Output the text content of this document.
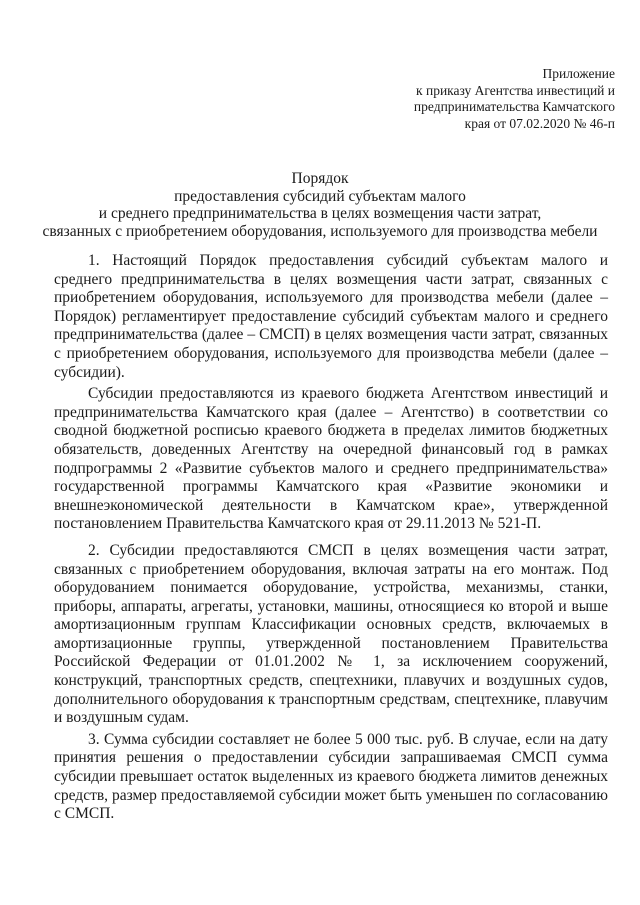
Приложение
к приказу Агентства инвестиций и
предпринимательства Камчатского
края от 07.02.2020 № 46-п
Порядок
предоставления субсидий субъектам малого
и среднего предпринимательства в целях возмещения части затрат,
связанных с приобретением оборудования, используемого для производства мебели

1. Настоящий Порядок предоставления субсидий субъектам малого и среднего предпринимательства в целях возмещения части затрат, связанных с приобретением оборудования, используемого для производства мебели (далее – Порядок) регламентирует предоставление субсидий субъектам малого и среднего предпринимательства (далее – СМСП) в целях возмещения части затрат, связанных с приобретением оборудования, используемого для производства мебели (далее – субсидии).

Субсидии предоставляются из краевого бюджета Агентством инвестиций и предпринимательства Камчатского края (далее – Агентство) в соответствии со сводной бюджетной росписью краевого бюджета в пределах лимитов бюджетных обязательств, доведенных Агентству на очередной финансовый год в рамках подпрограммы 2 «Развитие субъектов малого и среднего предпринимательства» государственной программы Камчатского края «Развитие экономики и внешнеэкономической деятельности в Камчатском крае», утвержденной постановлением Правительства Камчатского края от 29.11.2013 № 521-П.

2. Субсидии предоставляются СМСП в целях возмещения части затрат, связанных с приобретением оборудования, включая затраты на его монтаж. Под оборудованием понимается оборудование, устройства, механизмы, станки, приборы, аппараты, агрегаты, установки, машины, относящиеся ко второй и выше амортизационным группам Классификации основных средств, включаемых в амортизационные группы, утвержденной постановлением Правительства Российской Федерации от 01.01.2002 № 1, за исключением сооружений, конструкций, транспортных средств, спецтехники, плавучих и воздушных судов, дополнительного оборудования к транспортным средствам, спецтехнике, плавучим и воздушным судам.

3. Сумма субсидии составляет не более 5 000 тыс. руб. В случае, если на дату принятия решения о предоставлении субсидии запрашиваемая СМСП сумма субсидии превышает остаток выделенных из краевого бюджета лимитов денежных средств, размер предоставляемой субсидии может быть уменьшен по согласованию с СМСП.
